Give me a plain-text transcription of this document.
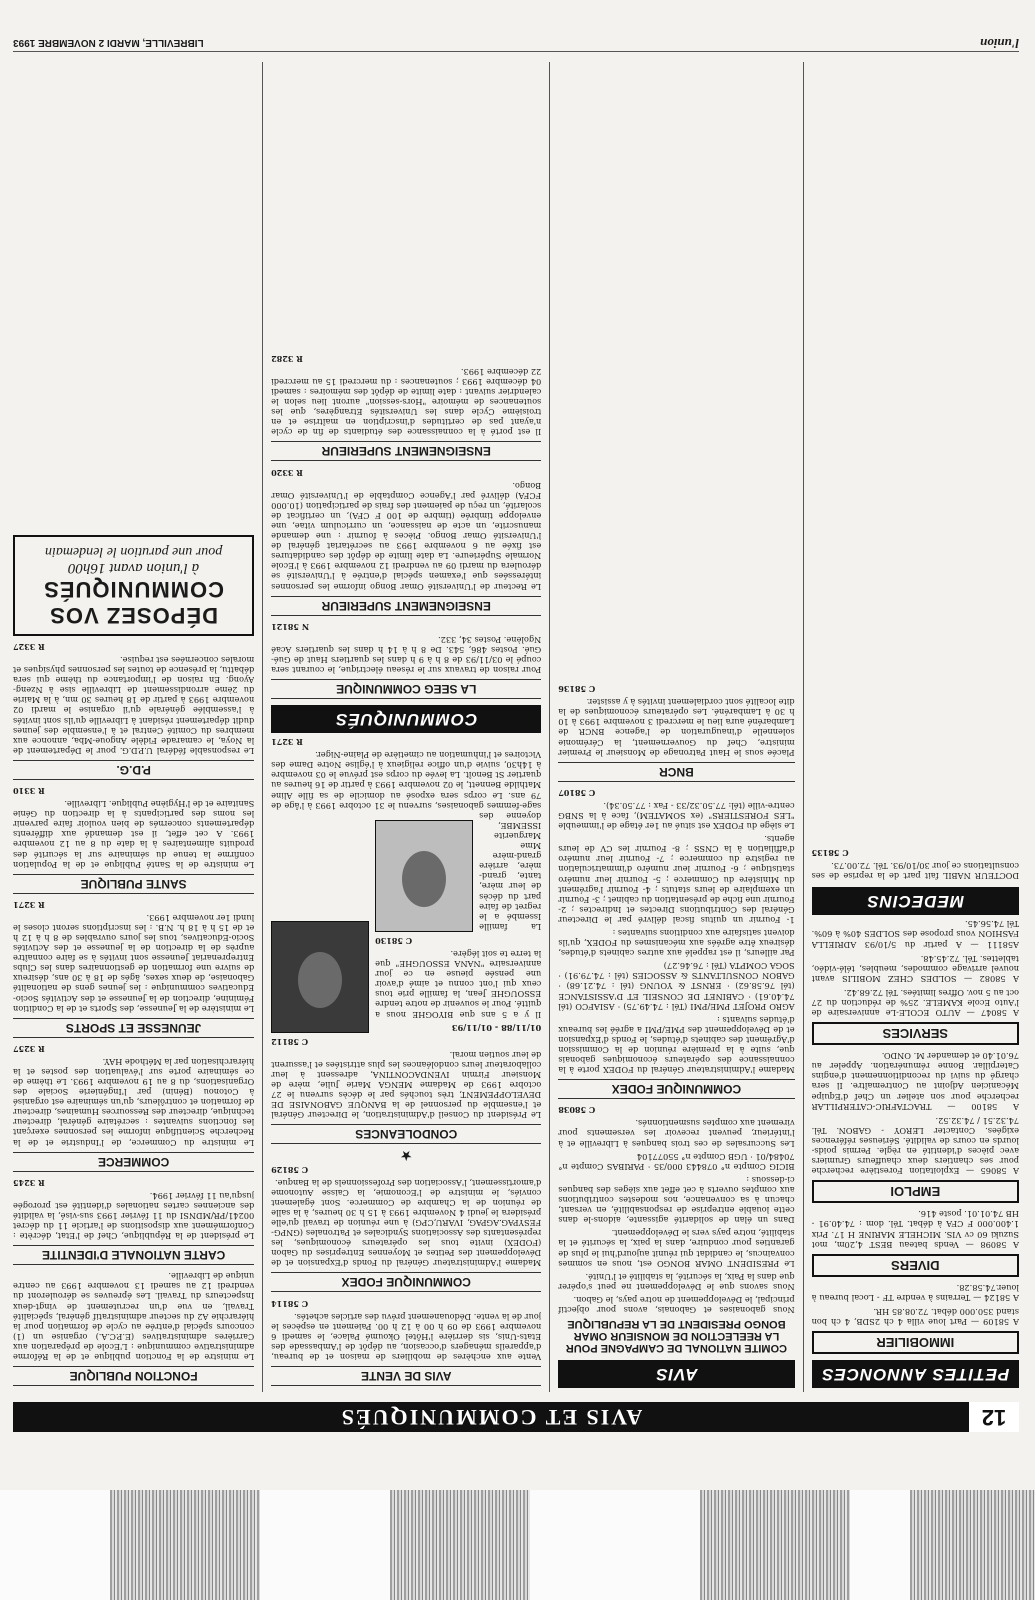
12
AVIS ET COMMUNIQUÉS
PETITES ANNONCES
IMMOBILIER

A 58109 — Part loue villa 4 ch 2SDB, 4 ch bon stand 350.000 débat. 72.08.85 HR.

A 58124 — Terrains à vendre TF - Local bureau à louer.74.58.28.

DIVERS

A 58098 — Vends bateau BEST 4,20m, mot Suzuki 60 cv VIS. MICHELE MARINE H 17. Prix 1.400.000 F CFA à débat. Tél. dom : 74.40.91 - HB 74.01.01. poste 416.

EMPLOI

A 58065 — Exploitation Forestière recherche pour ses chantiers deux chauffeurs Grumiers avec pièces d'identité en règle. Permis poids-lourds en cours de validité. Sérieuses références exigées. Contacter LEROY - GABON. Tél. 74.32.51 / 74.32.52.

A 58100 — TRACTAFRIC-CATERPILLAR recherche pour son atelier un Chef d'Equipe Mécanicien Adjoint au Contremaître. Il sera chargé du suivi du reconditionnement d'engins Caterpillar. Bonne rémunération. Appeler au 76.01.40 et demander M. ONDO.

SERVICES

A 58047 — AUTO ECOLE-Le anniversaire de l'Auto Ecole KAMELE. 25% de réduction du 27 oct au 5 nov. Offres limitées. Tél 72.68.42.

A 58082 — SOLDES CHEZ MOBILIS avant nouvel arrivage commodes, meubles, télé-vidéo, tablettes. Tél. 72.45.48.

A58111 — A partir du 5/10/93 ADRIELLA FASHION vous propose des SOLDES 40% à 60%. Tél 74.56.45.

MEDECINS

DOCTEUR NABIL fait part de la reprise de ses consultations ce jour 30/10/93. Tél. 72.00.73.

C 58135
AVIS
COMITE NATIONAL DE CAMPAGNE POUR LA REELECTION DE MONSIEUR OMAR BONGO PRESIDENT DE LA REPUBLIQUE

Nous gabonaises et Gabonais, avons pour objectif principal, le Développement de notre pays, le Gabon.

Nous savons que le Développement ne peut s'opérer que dans la Paix, la sécurité, la stabilité et l'Unité.

Le PRESIDENT OMAR BONGO est, nous en sommes convaincus, le candidat qui réunit aujourd'hui le plus de garanties pour conduire, dans la paix, la sécurité et la stabilité, notre pays vers le Développement.

Dans un élan de solidarité agissante, aidons-le dans cette louable entreprise de responsabilité, en versant, chacun à sa convenance, nos modestes contributions aux comptes ouverts à cet effet aux sièges des banques ci-dessous :

BICIG Compte n° 078443 000/35 · PARIBAS Compte n° 70484/01 · UGB Compte n° 55077104

Les Succursales de ces trois banques à Libreville et à l'intérieur, peuvent recevoir les versements pour virement aux comptes susmentionnés.

C 58038
COMMUNIQUE FODEX

Madame l'Administrateur Général du FODEX porte à la connaissance des opérateurs économiques gabonais que, suite à la première réunion de la Commission d'Agrément des cabinets d'études, le Fonds d'Expansion et de Développement des PME/PMI a agréé les bureaux d'études suivants :

AGRO PROJET PME/PMI (Tél : 74.49.75) · ASIAFCO (tél 74.40.61) · CABINET DE CONSEIL ET D'ASSISTANCE (tél 76.58.62) · ERNST & YOUNG (tél : 74.21.68) · GABON CONSULTANTS & ASSOCIES (tél : 74.79.91) · SOGA COMPTA (Tél : 76.46.27)

Par ailleurs, il est rappelé aux autres cabinets d'études, désireux être agréés aux mécanismes du FODEX, qu'ils doivent satisfaire aux conditions suivantes :

1- Fournir un quitus fiscal délivré par le Directeur Général des Contributions Directes et Indirectes ; 2- Fournir une fiche de présentation du cabinet ; 3- Fournir un exemplaire de leurs statuts ; 4- Fournir l'agrément du Ministère du Commerce ; 5- Fournir leur numéro statistique ; 6- Fournir leur numéro d'immatriculation au registre du commerce ; 7- Fournir leur numéro d'affiliation à la CNSS ; 8- Fournir les CV de leurs agents.

Le siège du FODEX est situé au 1er étage de l'immeuble "LES FORESTIERS" (ex SOMATEM), face à la SNBG centre-ville (tél: 77.50.32/33 - Fax : 77.50.34).

C 58107
BNCR

Placée sous le Haut Patronage de Monsieur le Premier ministre, Chef du Gouvernement, la Cérémonie solennelle d'inauguration de l'agence BNCR de Lambaréné aura lieu le mercredi 3 novembre 1993 à 10 h 30 à Lambaréné. Les opérateurs économiques de la dite localité sont cordialement invités à y assister.

C 58136
AVIS DE VENTE

Vente aux enchères de mobiliers de maison et de bureau, d'appareils ménagers d'occasion, au dépôt de l'Ambassade des Etats-Unis, sis derrière l'Hôtel Okoumé Palace, le samedi 6 novembre 1993 de 09 h 00 à 12 h 00. Paiement en espèces le jour de la vente. Dédouanement prévu des articles achetés.

C 58114
COMMUNIQUE FODEX

Madame l'Administrateur Général du Fonds d'Expansion et de Développement des Petites et Moyennes Entreprises du Gabon (FODEX) invite tous les opérateurs économiques, les représentants des Associations Syndicales et Patronales (GNPG-FESYPAG.AGPAG, IVARU,CPG) à une réunion de travail qu'elle présidera le jeudi 4 Novembre 1993 à 15 h 30 heures, à la salle de réunion de la Chambre de Commerce. Sont également conviés, le ministre de l'Economie, la Caisse Autonome d'amortissement, l'Association des Professionnels de la Banque.

C 58129
★
CONDOLEANCES

Le Président du Conseil d'Administration, le Directeur Général et l'ensemble du personnel de la BANQUE GABONAISE DE DEVELOPPEMENT, très touchés par le décès survenu le 27 octobre 1993 de Madame MENGA Marie Julie, mère de Monsieur Firmin IVENDACONTINA, adressent à leur collaborateur leurs condoléances les plus attristées et l'assurent de leur soutien moral.

C 58112

01/11/88 - 01/11/93

Il y a 5 ans que BIYOGHE nous a quitté. Pour le souvenir de notre tendre ESSOUGHE Jean, la famille prie tous ceux qui l'ont connu et aimé d'avoir une pensée pieuse en ce jour anniversaire "NANA ESSOUGHE" que la terre te soit légère.

C 58130

La famille Issembé a le regret de faire part du décès de leur mère, tante, grand-mère, arrière grand-mère Mme Marguerite ISSEMBE, doyenne des sage-femmes gabonaises, survenu le 31 octobre 1993 à l'âge de 79 ans. Le corps sera exposé au domicile de sa fille Aline Mathilde Bennett, le 02 novembre 1993 à partir de 16 heures au quartier St Benoît. La levée du corps est prévue le 03 novembre à 14h30, suivie d'un office religieux à l'église Notre Dame des Victoires et l'inhumation au cimetière de Plaine-Niger.

R 3271
COMMUNIQUÉS
LA SEEG COMMUNIQUE

Pour raison de travaux sur le réseau électrique, le courant sera coupé le 03/11/93 de 8 h à 9 h dans les quartiers Haut de Gué-Gué. Postes 486, 543. De 8 h à 14 h dans les quartiers Acaé Ngolène. Postes 34, 332.

N 58121
ENSEIGNEMENT SUPERIEUR

Le Recteur de l'Université Omar Bongo informe les personnes intéressées que l'examen spécial d'entrée à l'Université se déroulera du mardi 09 au vendredi 12 novembre 1993 à l'Ecole Normale Supérieure. La date limite de dépôt des candidatures est fixée au 6 novembre 1993 au secrétariat général de l'Université Omar Bongo. Pièces à fournir : une demande manuscrite, un acte de naissance, un curriculum vitae, une enveloppe timbrée (timbre de 100 F CFA), un certificat de scolarité, un reçu de paiement des frais de participation (10.000 FCFA) délivré par l'Agence Comptable de l'Université Omar Bongo.

R 3320
ENSEIGNEMENT SUPERIEUR

Il est porté à la connaissance des étudiants de fin de cycle n'ayant pas de certitudes d'inscription en maîtrise et en troisième Cycle dans les Universités Etrangères, que les soutenances de mémoire "Hors-session" auront lieu selon le calendrier suivant : date limite de dépôt des mémoires : samedi 04 décembre 1993 ; soutenances : du mercredi 15 au mercredi 22 décembre 1993.

R 3282
FONCTION PUBLIQUE

Le ministre de la Fonction publique et de la Réforme administrative communique : L'Ecole de préparation aux Carrières administratives (E.P.C.A.) organise un (1) concours spécial d'entrée au cycle de formation pour la hiérarchie A2 du secteur administratif général, spécialité Travail, en vue d'un recrutement de vingt-deux Inspecteurs du Travail. Les épreuves se dérouleront du vendredi 12 au samedi 13 novembre 1993 au centre unique de Libreville.

CARTE NATIONALE D'IDENTITE

Le président de la République, Chef de l'Etat, décrète : Conformément aux dispositions de l'article 11 du décret 00241/PR/MDNSI du 11 février 1993 sus-visé, la validité des anciennes cartes nationales d'identité est prorogée jusqu'au 11 février 1994.

R 3245
COMMERCE

Le ministre du Commerce, de l'Industrie et de la Recherche Scientifique informe les personnes exerçant les fonctions suivantes : secrétaire général, directeur technique, directeur des Ressources Humaines, directeur de formation et contrôleurs, qu'un séminaire est organisé à Cotonou (Bénin) par l'Ingénierie Sociale des Organisations, du 8 au 19 novembre 1993. Le thème de ce séminaire porte sur l'évaluation des postes et la hiérarchisation par la Méthode HAY.

R 3257
JEUNESSE ET SPORTS

Le ministère de la Jeunesse, des Sports et de la Condition Féminine, direction de la Jeunesse et des Activités Socio-Educatives communique : les jeunes gens de nationalité Gabonaise, de deux sexes, âgés de 18 à 30 ans, désireux de suivre une formation de gestionnaires dans les Clubs Entreprenariat Jeunesse sont invités à se faire connaître auprès de la direction de la jeunesse et des Activités Socio-Educatives, tous les jours ouvrables de 8 h à 12 h et de 15 h à 18 h. N.B. : les inscriptions seront closes le lundi 1er novembre 1993.

R 3271
SANTE PUBLIQUE

Le ministre de la Santé Publique et de la Population confirme la tenue du séminaire sur la sécurité des produits alimentaires à la date du 8 au 12 novembre 1993. A cet effet, il est demandé aux différents départements concernés de bien vouloir faire parvenir les noms des participants à la direction du Génie Sanitaire et de l'Hygiène Publique. Libreville.

R 3310
P.D.G.

Le responsable fédéral U.P.D.G. pour le Département de la Noya, le camarade Fidèle Angoue-Mba, annonce aux membres du Comité Central et à l'ensemble des jeunes dudit département résidant à Libreville qu'ils sont invités à l'assemblée générale qu'il organise le mardi 02 novembre 1993 à partir de 18 heures 30 mn, à la Mairie du 2ème arrondissement de Libreville sise à Nzeng-Ayong. En raison de l'importance du thème qui sera débattu, la présence de toutes les personnes physiques et morales concernées est requise.

R 3327
DÉPOSEZ VOS COMMUNIQUÉS
à l'union avant 16h00
pour une parution le lendemain
l'union
LIBREVILLE, MARDI 2 NOVEMBRE 1993
